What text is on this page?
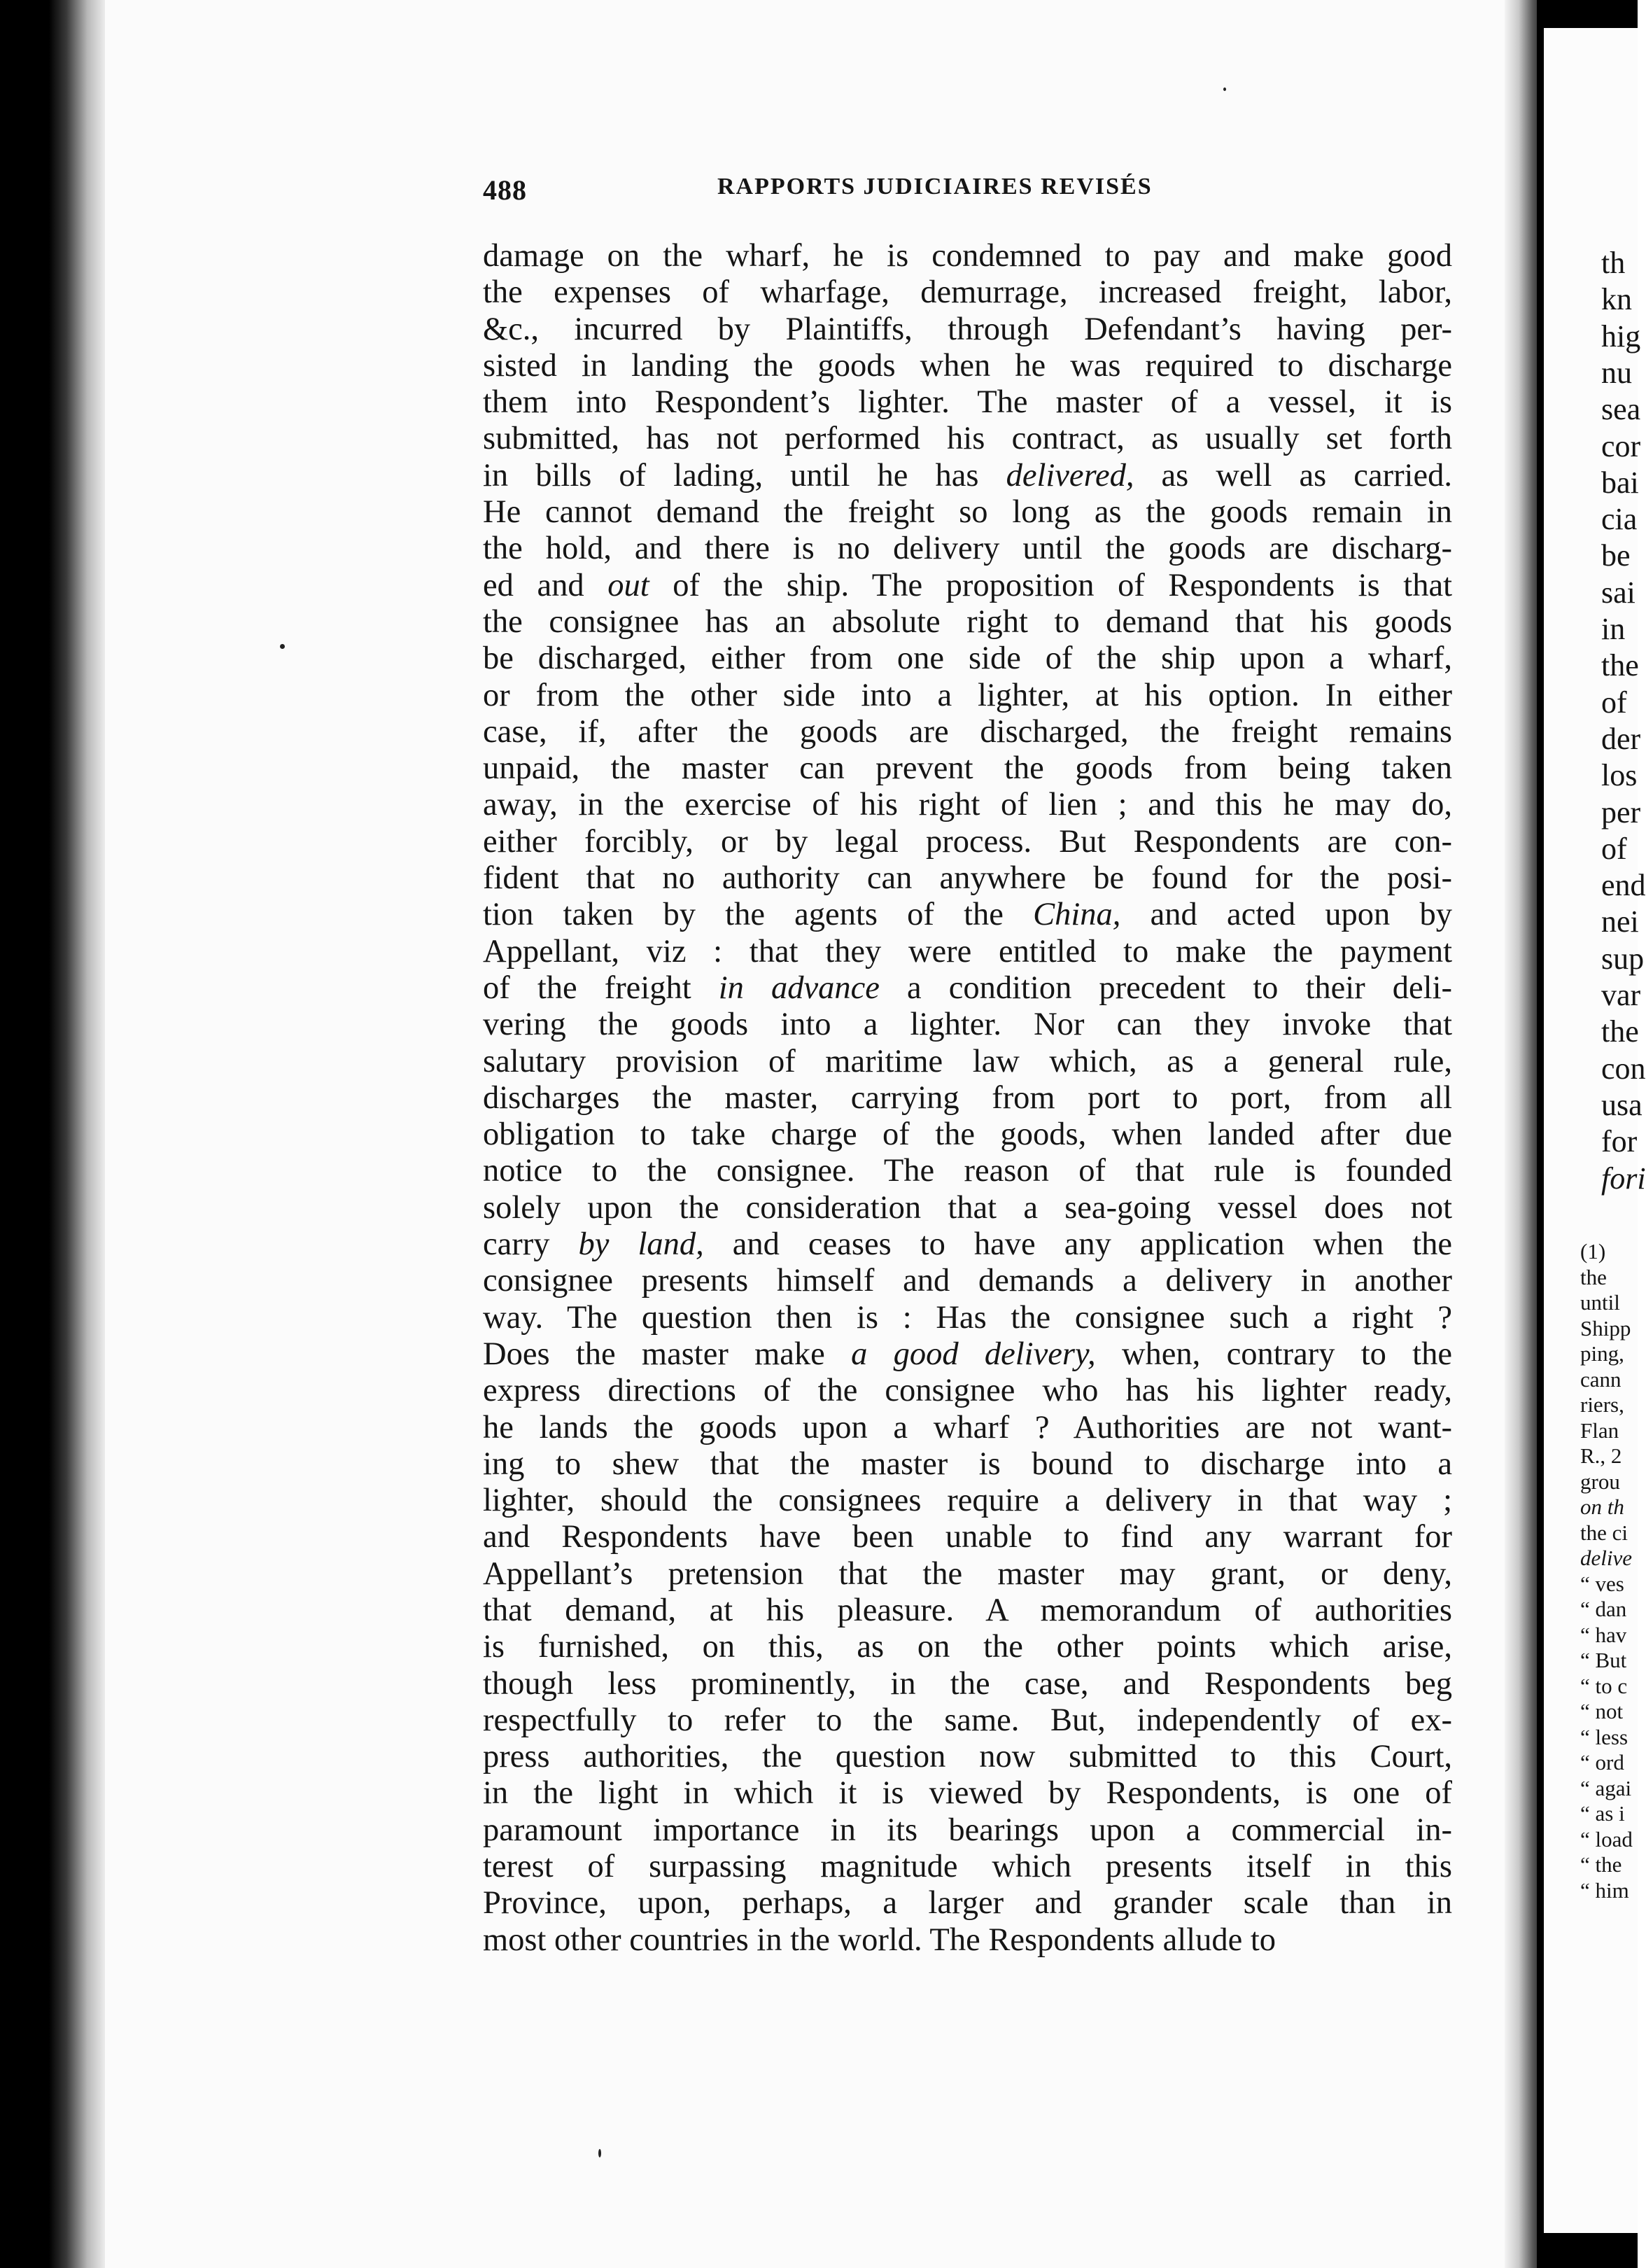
th
kn
hig
nu
sea
cor
bai
cia
be
sai
in
the
of
der
los
per
of
end
nei
sup
var
the
con
usa
for
fori
(1)
the
until
Shipp
ping,
cann
riers,
Flan
R., 2
grou
on th
the ci
delive
“ ves
“ dan
“ hav
“ But
“ to c
“ not
“ less
“ ord
“ agai
“ as i
“ load
“ the
“ him
488	RAPPORTS JUDICIAIRES REVISÉS
damage on the wharf, he is condemned to pay and make good
the expenses of wharfage, demurrage, increased freight, labor,
&c., incurred by Plaintiffs, through Defendant’s having per-
sisted in landing the goods when he was required to discharge
them into Respondent’s lighter. The master of a vessel, it is
submitted, has not performed his contract, as usually set forth
in bills of lading, until he has delivered, as well as carried.
He cannot demand the freight so long as the goods remain in
the hold, and there is no delivery until the goods are discharg-
ed and out of the ship. The proposition of Respondents is that
the consignee has an absolute right to demand that his goods
be discharged, either from one side of the ship upon a wharf,
or from the other side into a lighter, at his option. In either
case, if, after the goods are discharged, the freight remains
unpaid, the master can prevent the goods from being taken
away, in the exercise of his right of lien ; and this he may do,
either forcibly, or by legal process. But Respondents are con-
fident that no authority can anywhere be found for the posi-
tion taken by the agents of the China, and acted upon by
Appellant, viz : that they were entitled to make the payment
of the freight in advance a condition precedent to their deli-
vering the goods into a lighter. Nor can they invoke that
salutary provision of maritime law which, as a general rule,
discharges the master, carrying from port to port, from all
obligation to take charge of the goods, when landed after due
notice to the consignee. The reason of that rule is founded
solely upon the consideration that a sea-going vessel does not
carry by land, and ceases to have any application when the
consignee presents himself and demands a delivery in another
way. The question then is : Has the consignee such a right ?
Does the master make a good delivery, when, contrary to the
express directions of the consignee who has his lighter ready,
he lands the goods upon a wharf ? Authorities are not want-
ing to shew that the master is bound to discharge into a
lighter, should the consignees require a delivery in that way ;
and Respondents have been unable to find any warrant for
Appellant’s pretension that the master may grant, or deny,
that demand, at his pleasure. A memorandum of authorities
is furnished, on this, as on the other points which arise,
though less prominently, in the case, and Respondents beg
respectfully to refer to the same. But, independently of ex-
press authorities, the question now submitted to this Court,
in the light in which it is viewed by Respondents, is one of
paramount importance in its bearings upon a commercial in-
terest of surpassing magnitude which presents itself in this
Province, upon, perhaps, a larger and grander scale than in
most other countries in the world. The Respondents allude to
